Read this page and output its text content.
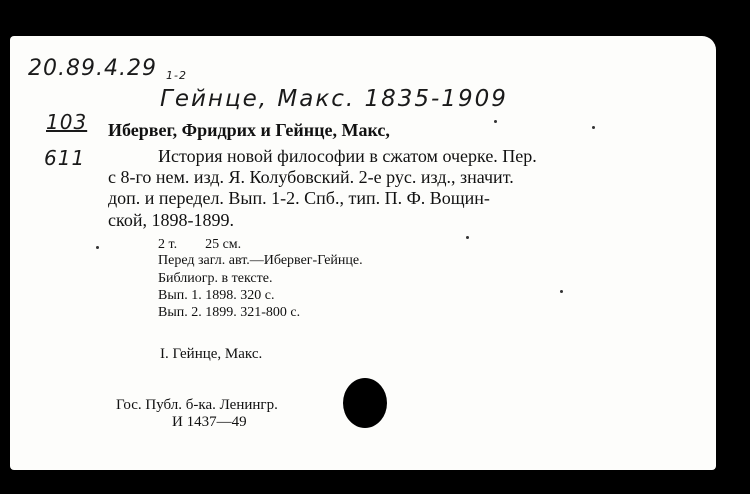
20.89.4.29 1-2
103
611
Гейнце, Макс. 1835-1909
Ибервег, Фридрих и Гейнце, Макс,
История новой философии в сжатом очерке. Пер.
с 8-го нем. изд. Я. Колубовский. 2-е рус. изд., значит.
доп. и передел. Вып. 1-2. Спб., тип. П. Ф. Вощин-
ской, 1898-1899.
2 т.        25 см.
Перед загл. авт.—Ибервег-Гейнце.
Библиогр. в тексте.
Вып. 1. 1898. 320 с.
Вып. 2. 1899. 321-800 с.
I. Гейнце, Макс.
Гос. Публ. б-ка. Ленингр.
И 1437—49
